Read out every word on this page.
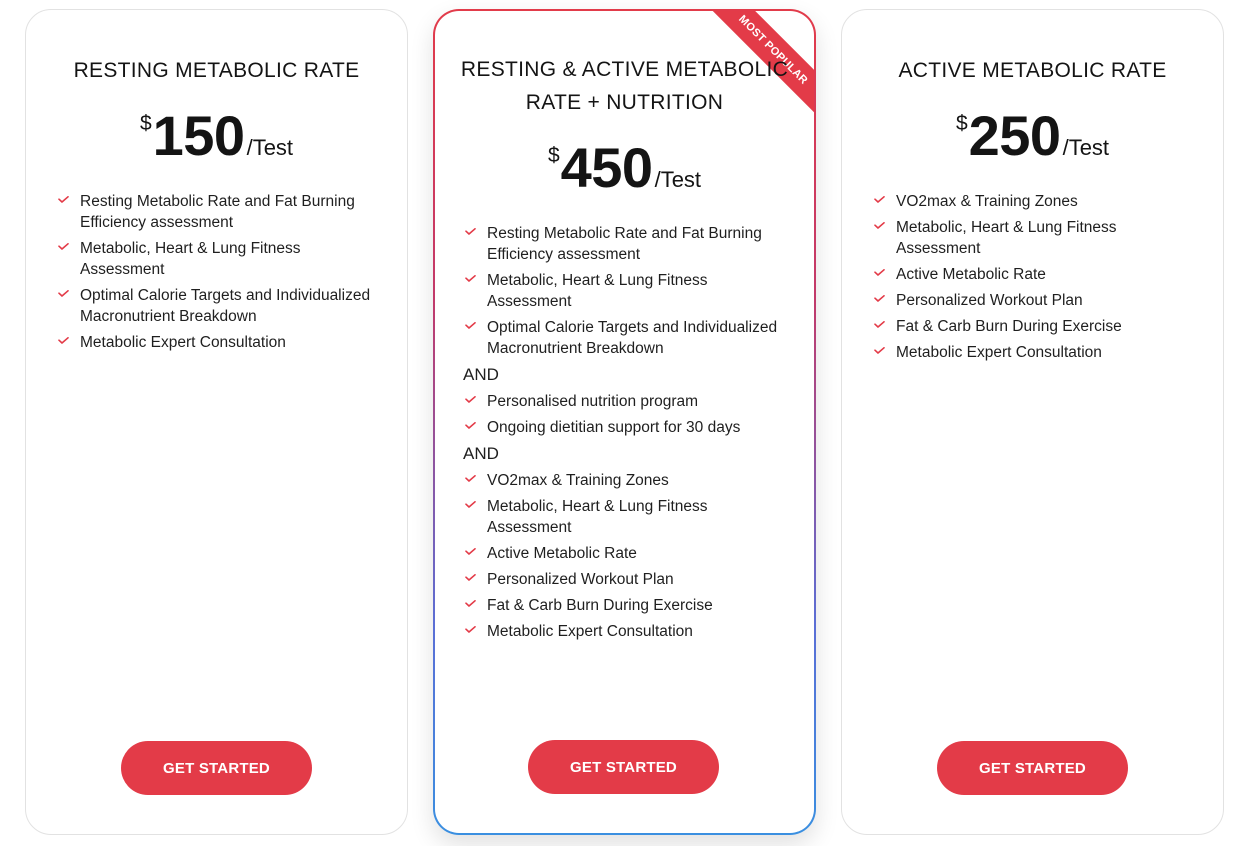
RESTING METABOLIC RATE
$150/Test
Resting Metabolic Rate and Fat Burning Efficiency assessment
Metabolic, Heart & Lung Fitness Assessment
Optimal Calorie Targets and Individualized Macronutrient Breakdown
Metabolic Expert Consultation
GET STARTED
MOST POPULAR
RESTING & ACTIVE METABOLIC
RATE + NUTRITION
$450/Test
Resting Metabolic Rate and Fat Burning Efficiency assessment
Metabolic, Heart & Lung Fitness Assessment
Optimal Calorie Targets and Individualized Macronutrient Breakdown
AND
Personalised nutrition program
Ongoing dietitian support for 30 days
AND
VO2max & Training Zones
Metabolic, Heart & Lung Fitness Assessment
Active Metabolic Rate
Personalized Workout Plan
Fat & Carb Burn During Exercise
Metabolic Expert Consultation
GET STARTED
ACTIVE METABOLIC RATE
$250/Test
VO2max & Training Zones
Metabolic, Heart & Lung Fitness Assessment
Active Metabolic Rate
Personalized Workout Plan
Fat & Carb Burn During Exercise
Metabolic Expert Consultation
GET STARTED
